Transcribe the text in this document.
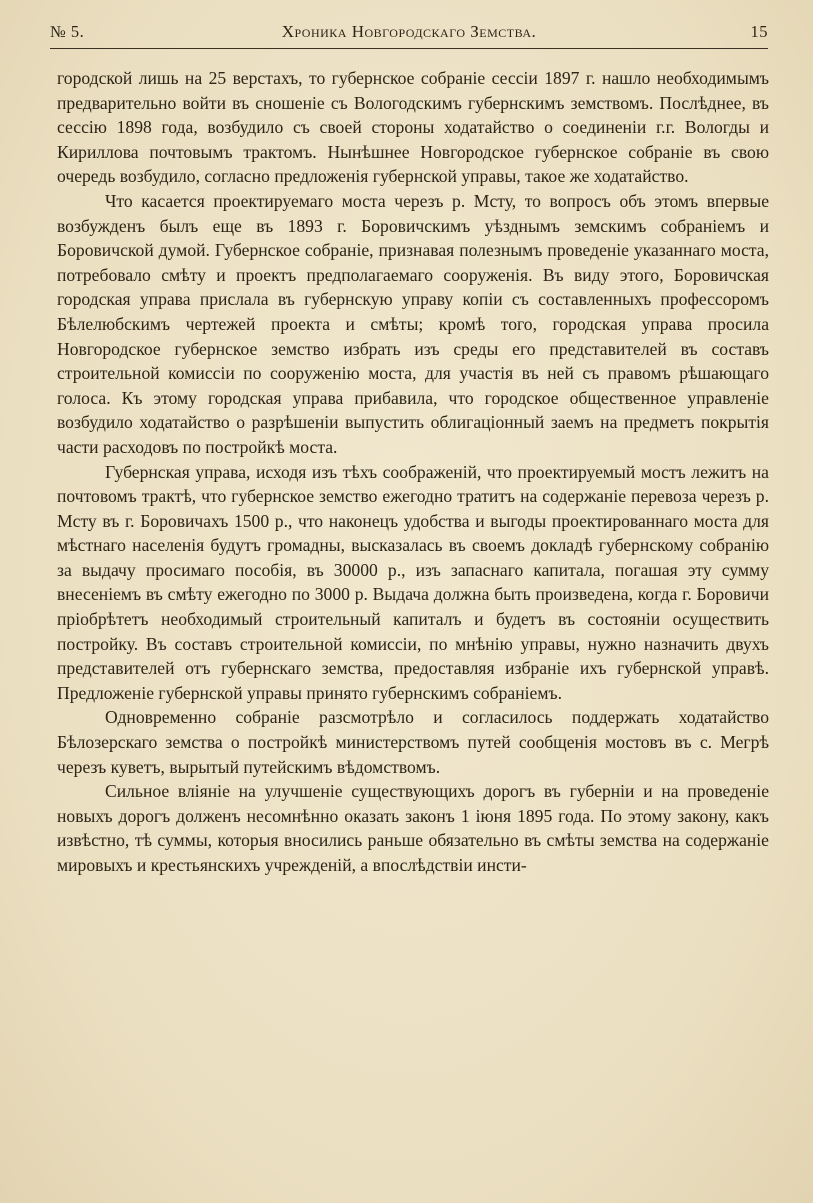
№ 5.	Хроника Новгородскаго Земства.	15

городской лишь на 25 верстахъ, то губернское собраніе сессіи 1897 г. нашло необходимымъ предварительно войти въ сношеніе съ Вологодскимъ губернскимъ земствомъ. Послѣднее, въ сессію 1898 года, возбудило съ своей стороны ходатайство о соединеніи г.г. Вологды и Кириллова почтовымъ трактомъ. Нынѣшнее Новгородское губернское собраніе въ свою очередь возбудило, согласно предложенія губернской управы, такое же ходатайство.

Что касается проектируемаго моста черезъ р. Мсту, то вопросъ объ этомъ впервые возбужденъ былъ еще въ 1893 г. Боровичскимъ уѣзднымъ земскимъ собраніемъ и Боровичской думой. Губернское собраніе, признавая полезнымъ проведеніе указаннаго моста, потребовало смѣту и проектъ предполагаемаго сооруженія. Въ виду этого, Боровичская городская управа прислала въ губернскую управу копіи съ составленныхъ профессоромъ Бѣлелюбскимъ чертежей проекта и смѣты; кромѣ того, городская управа просила Новгородское губернское земство избрать изъ среды его представителей въ составъ строительной комиссіи по сооруженію моста, для участія въ ней съ правомъ рѣшающаго голоса. Къ этому городская управа прибавила, что городское общественное управленіе возбудило ходатайство о разрѣшеніи выпустить облигаціонный заемъ на предметъ покрытія части расходовъ по постройкѣ моста.

Губернская управа, исходя изъ тѣхъ соображеній, что проектируемый мостъ лежитъ на почтовомъ трактѣ, что губернское земство ежегодно тратитъ на содержаніе перевоза черезъ р. Мсту въ г. Боровичахъ 1500 р., что наконецъ удобства и выгоды проектированнаго моста для мѣстнаго населенія будутъ громадны, высказалась въ своемъ докладѣ губернскому собранію за выдачу просимаго пособія, въ 30000 р., изъ запаснаго капитала, погашая эту сумму внесеніемъ въ смѣту ежегодно по 3000 р. Выдача должна быть произведена, когда г. Боровичи пріобрѣтетъ необходимый строительный капиталъ и будетъ въ состояніи осуществить постройку. Въ составъ строительной комиссіи, по мнѣнію управы, нужно назначить двухъ представителей отъ губернскаго земства, предоставляя избраніе ихъ губернской управѣ. Предложеніе губернской управы принято губернскимъ собраніемъ.

Одновременно собраніе разсмотрѣло и согласилось поддержать ходатайство Бѣлозерскаго земства о постройкѣ министерствомъ путей сообщенія мостовъ въ с. Мегрѣ черезъ куветъ, вырытый путейскимъ вѣдомствомъ.

Сильное вліяніе на улучшеніе существующихъ дорогъ въ губерніи и на проведеніе новыхъ дорогъ долженъ несомнѣнно оказать законъ 1 іюня 1895 года. По этому закону, какъ извѣстно, тѣ суммы, которыя вносились раньше обязательно въ смѣты земства на содержаніе мировыхъ и крестьянскихъ учрежденій, а впослѣдствіи инсти-
